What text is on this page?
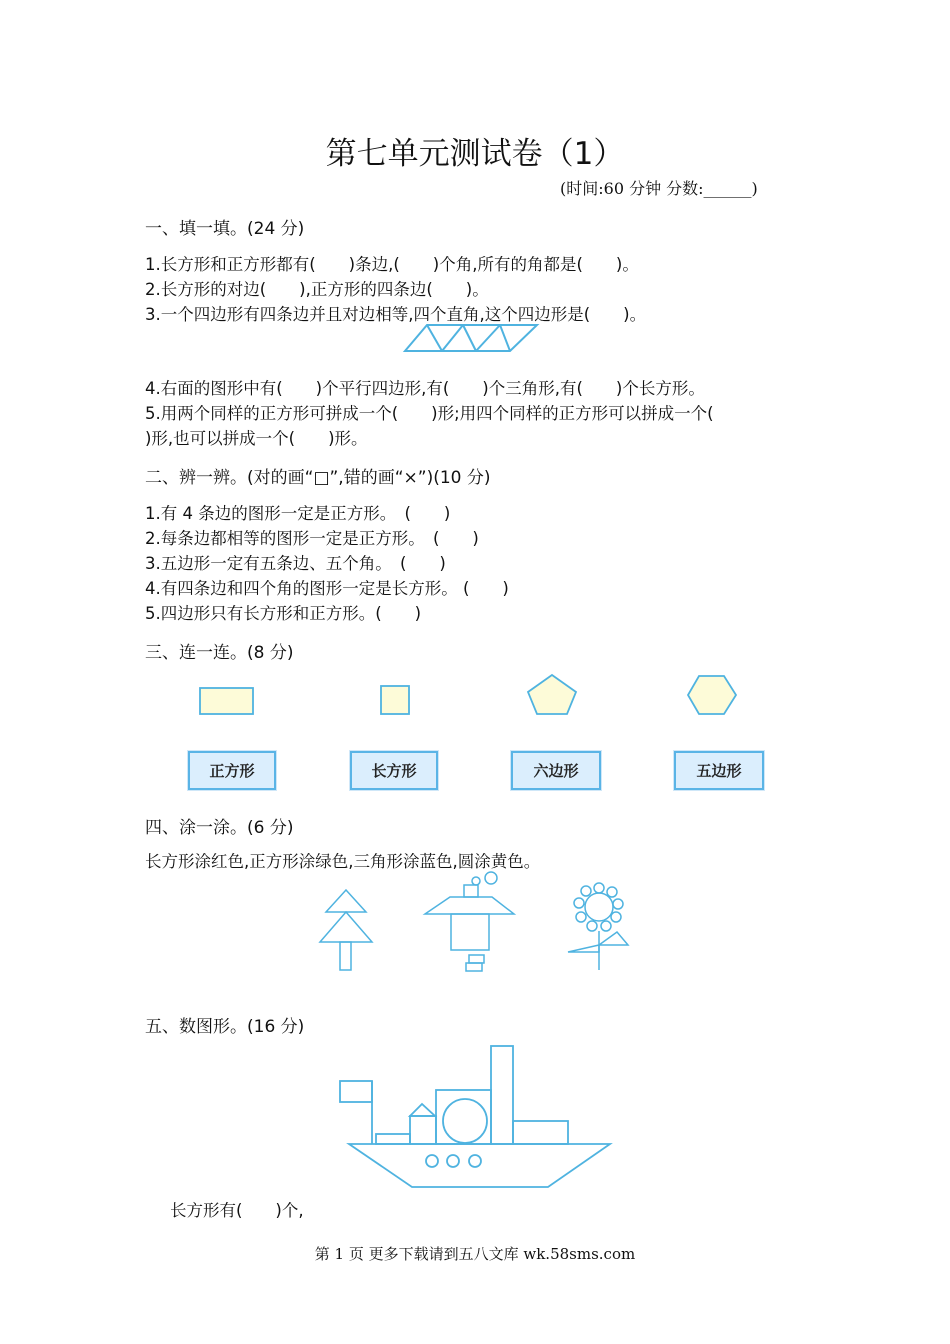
第七单元测试卷（1）
(时间:60 分钟 分数:______)
一、填一填。(24 分)
1.长方形和正方形都有(　　)条边,(　　)个角,所有的角都是(　　)。
2.长方形的对边(　　),正方形的四条边(　　)。
3.一个四边形有四条边并且对边相等,四个直角,这个四边形是(　　)。
4.右面的图形中有(　　)个平行四边形,有(　　)个三角形,有(　　)个长方形。
5.用两个同样的正方形可拼成一个(　　)形;用四个同样的正方形可以拼成一个(
)形,也可以拼成一个(　　)形。
二、辨一辨。(对的画“□”,错的画“×”)(10 分)
1.有 4 条边的图形一定是正方形。　(　　)
2.每条边都相等的图形一定是正方形。　(　　)
3.五边形一定有五条边、五个角。　(　　)
4.有四条边和四个角的图形一定是长方形。 (　　)
5.四边形只有长方形和正方形。(　　)
三、连一连。(8 分)
正方形	长方形	六边形	五边形
四、涂一涂。(6 分)
长方形涂红色,正方形涂绿色,三角形涂蓝色,圆涂黄色。
五、数图形。(16 分)
长方形有(　　)个,
第 1 页 更多下载请到五八文库 wk.58sms.com
